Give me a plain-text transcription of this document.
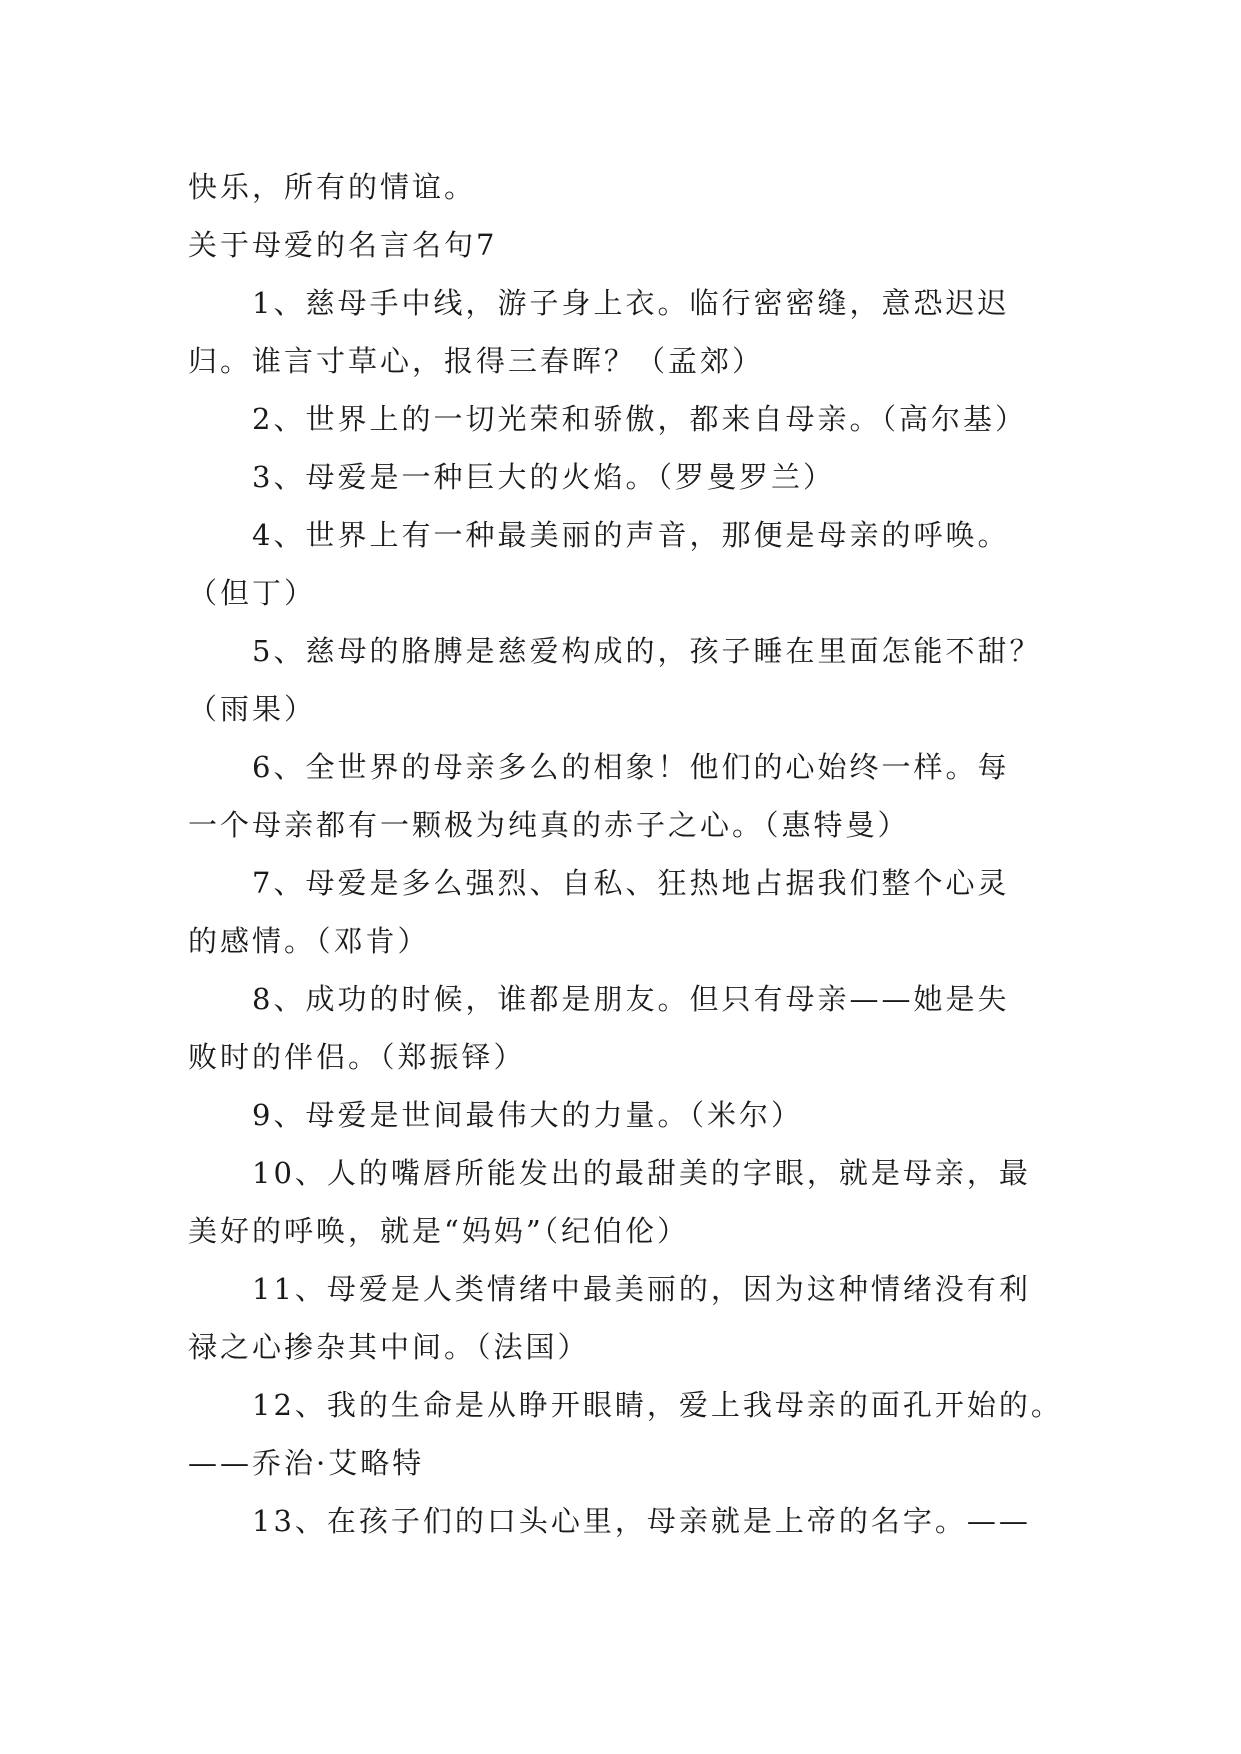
快乐，所有的情谊。
关于母爱的名言名句7
1、慈母手中线，游子身上衣。临行密密缝，意恐迟迟
归。谁言寸草心，报得三春晖？（孟郊）
2、世界上的一切光荣和骄傲，都来自母亲。（高尔基）
3、母爱是一种巨大的火焰。（罗曼罗兰）
4、世界上有一种最美丽的声音，那便是母亲的呼唤。
（但丁）
5、慈母的胳膊是慈爱构成的，孩子睡在里面怎能不甜？
（雨果）
6、全世界的母亲多么的相象！他们的心始终一样。每
一个母亲都有一颗极为纯真的赤子之心。（惠特曼）
7、母爱是多么强烈、自私、狂热地占据我们整个心灵
的感情。（邓肯）
8、成功的时候，谁都是朋友。但只有母亲——她是失
败时的伴侣。（郑振铎）
9、母爱是世间最伟大的力量。（米尔）
10、人的嘴唇所能发出的最甜美的字眼，就是母亲，最
美好的呼唤，就是“妈妈”（纪伯伦）
11、母爱是人类情绪中最美丽的，因为这种情绪没有利
禄之心掺杂其中间。（法国）
12、我的生命是从睁开眼睛，爱上我母亲的面孔开始的。
——乔治·艾略特
13、在孩子们的口头心里，母亲就是上帝的名字。——
